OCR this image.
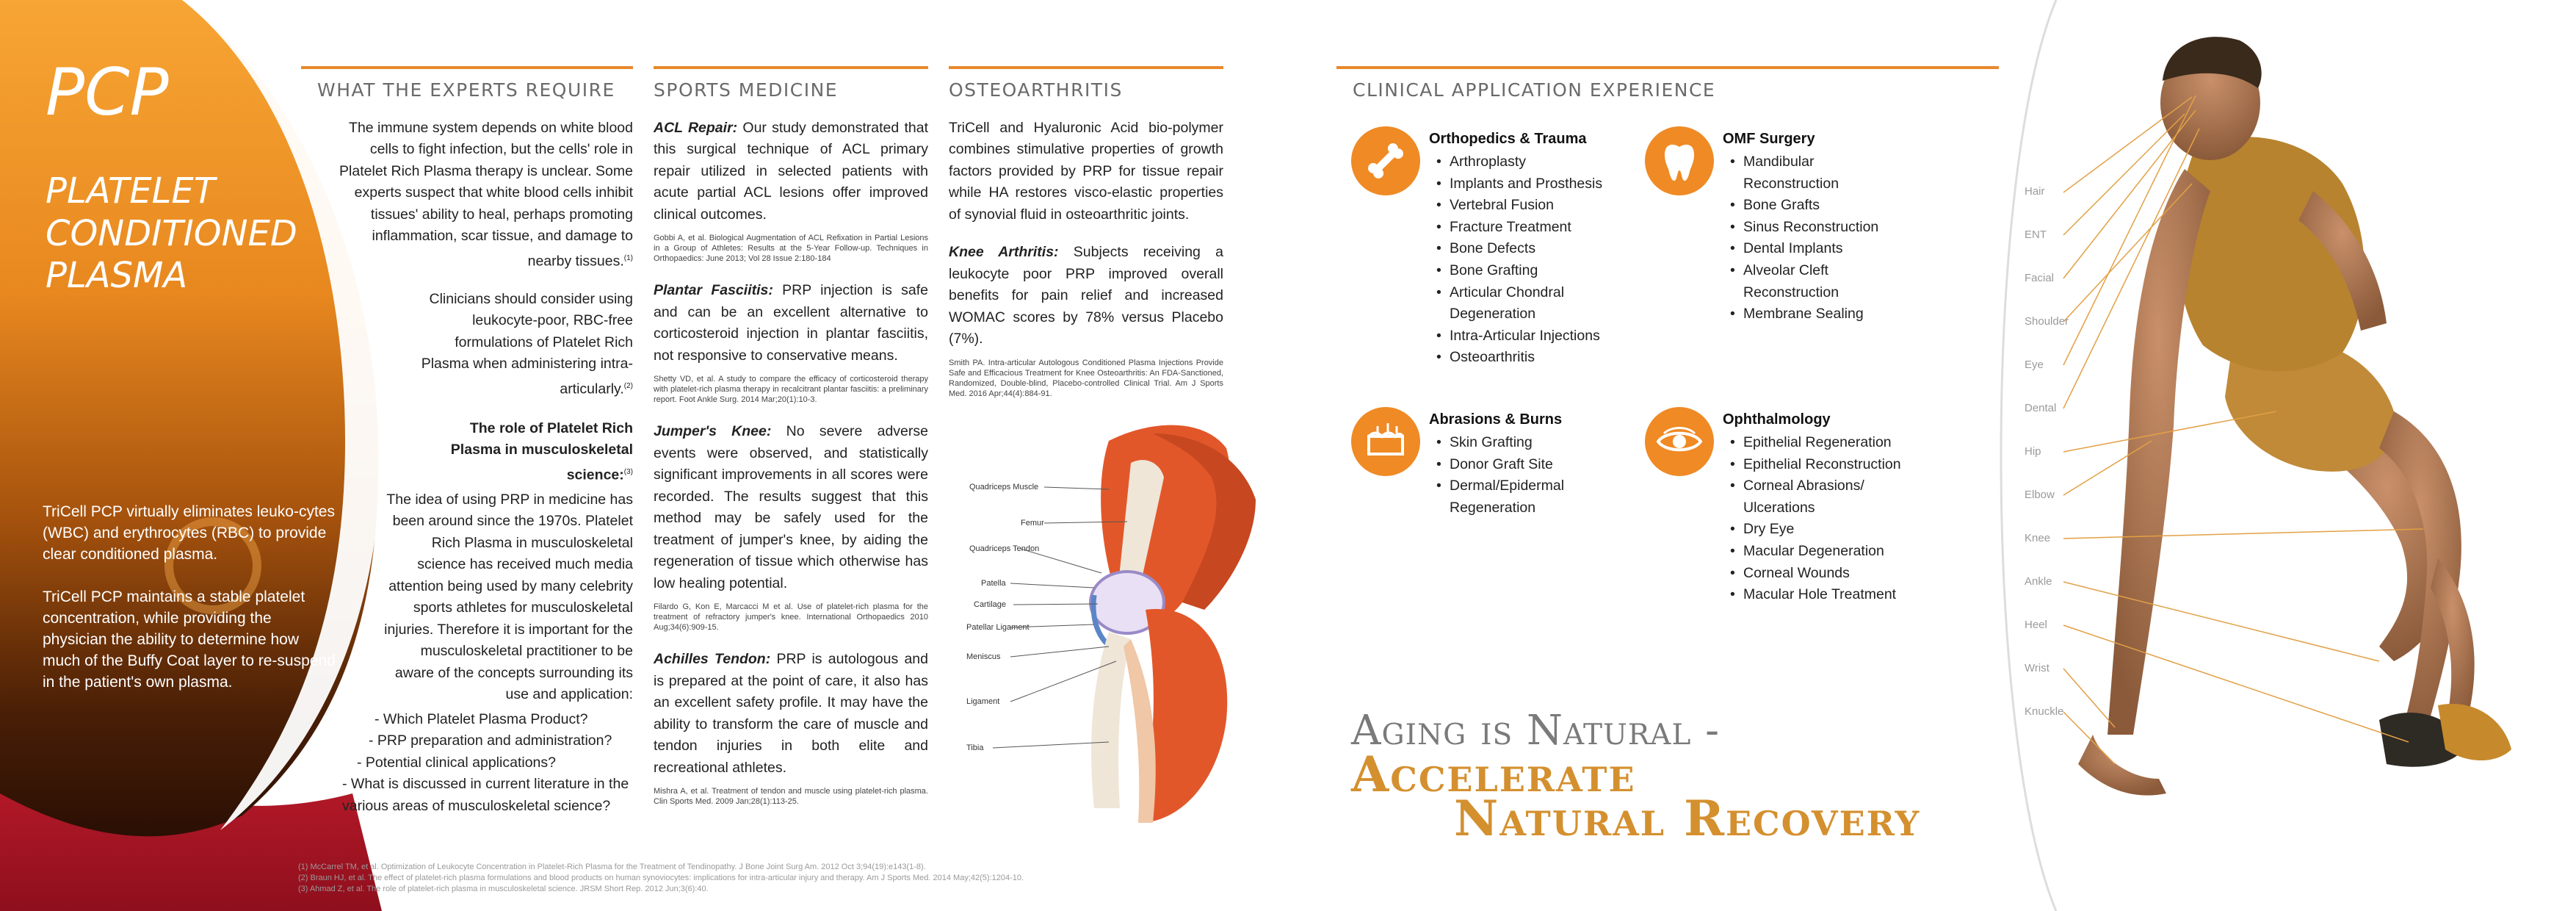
PCP
PLATELET
CONDITIONED
PLASMA

TriCell PCP virtually eliminates leuko-cytes (WBC) and erythrocytes (RBC) to provide clear conditioned plasma.

TriCell PCP maintains a stable platelet concentration, while providing the physician the ability to determine how much of the Buffy Coat layer to re-suspend in the patient's own plasma.

WHAT THE EXPERTS REQUIRE

The immune system depends on white blood cells to fight infection, but the cells' role in Platelet Rich Plasma therapy is unclear. Some experts suspect that white blood cells inhibit tissues' ability to heal, perhaps promoting inflammation, scar tissue, and damage to nearby tissues.$^{(1)}$

Clinicians should consider using leukocyte-poor, RBC-free formulations of Platelet Rich Plasma when administering intra-articularly.$^{(2)}$

The role of Platelet Rich Plasma in musculoskeletal science:$^{(3)}$

The idea of using PRP in medicine has been around since the 1970s. Platelet Rich Plasma in musculoskeletal science has received much media attention being used by many celebrity sports athletes for musculoskeletal injuries. Therefore it is important for the musculoskeletal practitioner to be aware of the concepts surrounding its use and application:

- Which Platelet Plasma Product?

- PRP preparation and administration?

- Potential clinical applications?

- What is discussed in current literature in the various areas of musculoskeletal science?

SPORTS MEDICINE

ACL Repair: Our study demonstrated that this surgical technique of ACL primary repair utilized in selected patients with acute partial ACL lesions offer improved clinical outcomes.

Gobbi A, et al. Biological Augmentation of ACL Refixation in Partial Lesions in a Group of Athletes: Results at the 5-Year Follow-up. Techniques in Orthopaedics: June 2013; Vol 28 Issue 2:180-184

Plantar Fasciitis: PRP injection is safe and can be an excellent alternative to corticosteroid injection in plantar fasciitis, not responsive to conservative means.

Shetty VD, et al. A study to compare the efficacy of corticosteroid therapy with platelet-rich plasma therapy in recalcitrant plantar fasciitis: a preliminary report. Foot Ankle Surg. 2014 Mar;20(1):10-3.

Jumper's Knee: No severe adverse events were observed, and statistically significant improvements in all scores were recorded. The results suggest that this method may be safely used for the treatment of jumper's knee, by aiding the regeneration of tissue which otherwise has low healing potential.

Filardo G, Kon E, Marcacci M et al. Use of platelet-rich plasma for the treatment of refractory jumper's knee. International Orthopaedics 2010 Aug;34(6):909-15.

Achilles Tendon: PRP is autologous and is prepared at the point of care, it also has an excellent safety profile. It may have the ability to transform the care of muscle and tendon injuries in both elite and recreational athletes.

Mishra A, et al. Treatment of tendon and muscle using platelet-rich plasma. Clin Sports Med. 2009 Jan;28(1):113-25.

OSTEOARTHRITIS

TriCell and Hyaluronic Acid bio-polymer combines stimulative properties of growth factors provided by PRP for tissue repair while HA restores visco-elastic properties of synovial fluid in osteoarthritic joints.

Knee Arthritis: Subjects receiving a leukocyte poor PRP improved overall benefits for pain relief and increased WOMAC scores by 78% versus Placebo (7%).

Smith PA. Intra-articular Autologous Conditioned Plasma Injections Provide Safe and Efficacious Treatment for Knee Osteoarthritis: An FDA-Sanctioned, Randomized, Double-blind, Placebo-controlled Clinical Trial. Am J Sports Med. 2016 Apr;44(4):884-91.

Quadriceps Muscle
Femur
Quadriceps Tendon
Patella
Cartilage
Patellar Ligament
Meniscus
Ligament
Tibia
CLINICAL APPLICATION EXPERIENCE
Orthopedics & Trauma
• Arthroplasty
• Implants and Prosthesis
• Vertebral Fusion
• Fracture Treatment
• Bone Defects
• Bone Grafting
• Articular Chondral
Degeneration
• Intra-Articular Injections
• Osteoarthritis
OMF Surgery
• Mandibular
Reconstruction
• Bone Grafts
• Sinus Reconstruction
• Dental Implants
• Alveolar Cleft
Reconstruction
• Membrane Sealing
Abrasions & Burns
• Skin Grafting
• Donor Graft Site
• Dermal/Epidermal
Regeneration
Ophthalmology
• Epithelial Regeneration
• Epithelial Reconstruction
• Corneal Abrasions/
Ulcerations
• Dry Eye
• Macular Degeneration
• Corneal Wounds
• Macular Hole Treatment
Aging is Natural -
Accelerate
Natural Recovery
Hair
ENT
Facial
Shoulder
Eye
Dental
Hip
Elbow
Knee
Ankle
Heel
Wrist
Knuckle
(1) McCarrel TM, et al. Optimization of Leukocyte Concentration in Platelet-Rich Plasma for the Treatment of Tendinopathy. J Bone Joint Surg Am. 2012 Oct 3;94(19):e143(1-8).
(2) Braun HJ, et al. The effect of platelet-rich plasma formulations and blood products on human synoviocytes: implications for intra-articular injury and therapy. Am J Sports Med. 2014 May;42(5):1204-10.
(3) Ahmad Z, et al. The role of platelet-rich plasma in musculoskeletal science. JRSM Short Rep. 2012 Jun;3(6):40.
